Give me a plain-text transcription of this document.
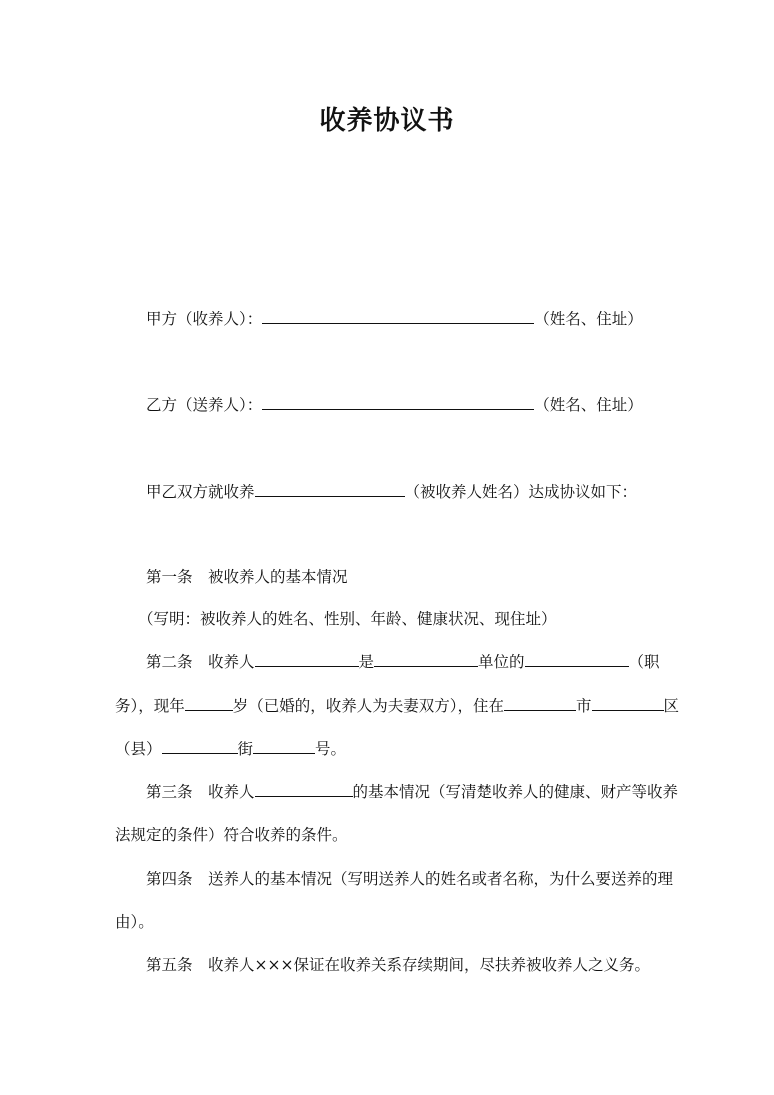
收养协议书
甲方（收养人）：	（姓名、住址）
乙方（送养人）：	（姓名、住址）
甲乙双方就收养	（被收养人姓名）达成协议如下：
第一条　被收养人的基本情况
（写明：被收养人的姓名、性别、年龄、健康状况、现住址）
第二条　收养人	是	单位的	（职
务），现年	岁（已婚的，收养人为夫妻双方），住在	市	区
（县）	街	号。
第三条　收养人	的基本情况（写清楚收养人的健康、财产等收养
法规定的条件）符合收养的条件。
第四条　送养人的基本情况（写明送养人的姓名或者名称，为什么要送养的理
由）。
第五条　收养人×××保证在收养关系存续期间，尽扶养被收养人之义务。
